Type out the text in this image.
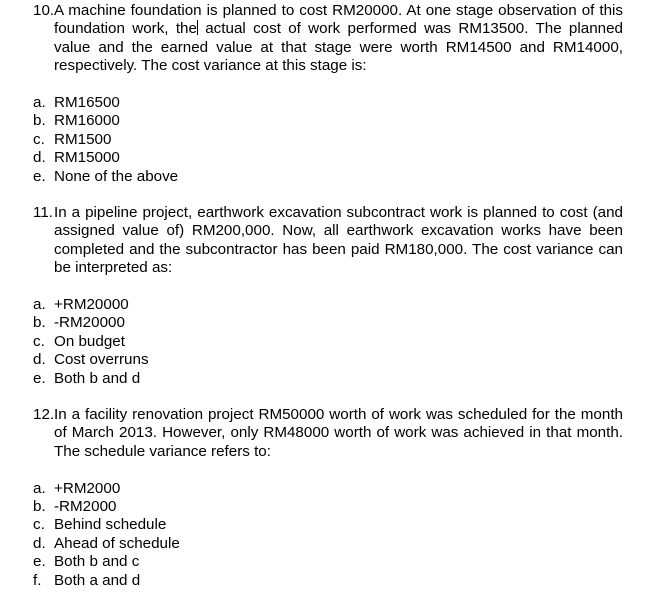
10. A machine foundation is planned to cost RM20000. At one stage observation of this foundation work, the actual cost of work performed was RM13500. The planned value and the earned value at that stage were worth RM14500 and RM14000, respectively. The cost variance at this stage is:
a. RM16500
b. RM16000
c. RM1500
d. RM15000
e. None of the above
11. In a pipeline project, earthwork excavation subcontract work is planned to cost (and assigned value of) RM200,000. Now, all earthwork excavation works have been completed and the subcontractor has been paid RM180,000. The cost variance can be interpreted as:
a. +RM20000
b. -RM20000
c. On budget
d. Cost overruns
e. Both b and d
12. In a facility renovation project RM50000 worth of work was scheduled for the month of March 2013. However, only RM48000 worth of work was achieved in that month. The schedule variance refers to:
a. +RM2000
b. -RM2000
c. Behind schedule
d. Ahead of schedule
e. Both b and c
f. Both a and d
